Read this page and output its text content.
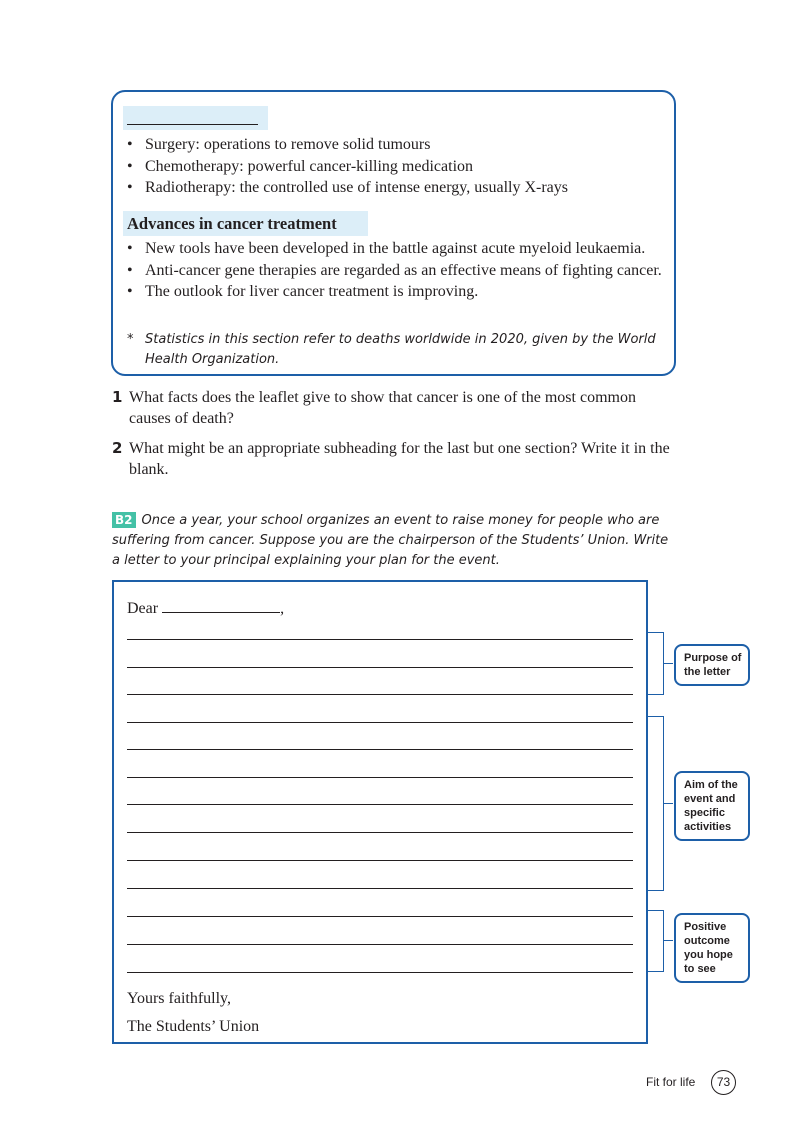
• Surgery: operations to remove solid tumours
• Chemotherapy: powerful cancer-killing medication
• Radiotherapy: the controlled use of intense energy, usually X-rays
Advances in cancer treatment
• New tools have been developed in the battle against acute myeloid leukaemia.
• Anti-cancer gene therapies are regarded as an effective means of fighting cancer.
• The outlook for liver cancer treatment is improving.
* Statistics in this section refer to deaths worldwide in 2020, given by the World Health Organization.
1 What facts does the leaflet give to show that cancer is one of the most common causes of death?
2 What might be an appropriate subheading for the last but one section? Write it in the blank.
B2 Once a year, your school organizes an event to raise money for people who are suffering from cancer. Suppose you are the chairperson of the Students’ Union. Write a letter to your principal explaining your plan for the event.
Dear	,
Yours faithfully,
The Students’ Union
Purpose of the letter
Aim of the event and specific activities
Positive outcome you hope to see
Fit for life	73
